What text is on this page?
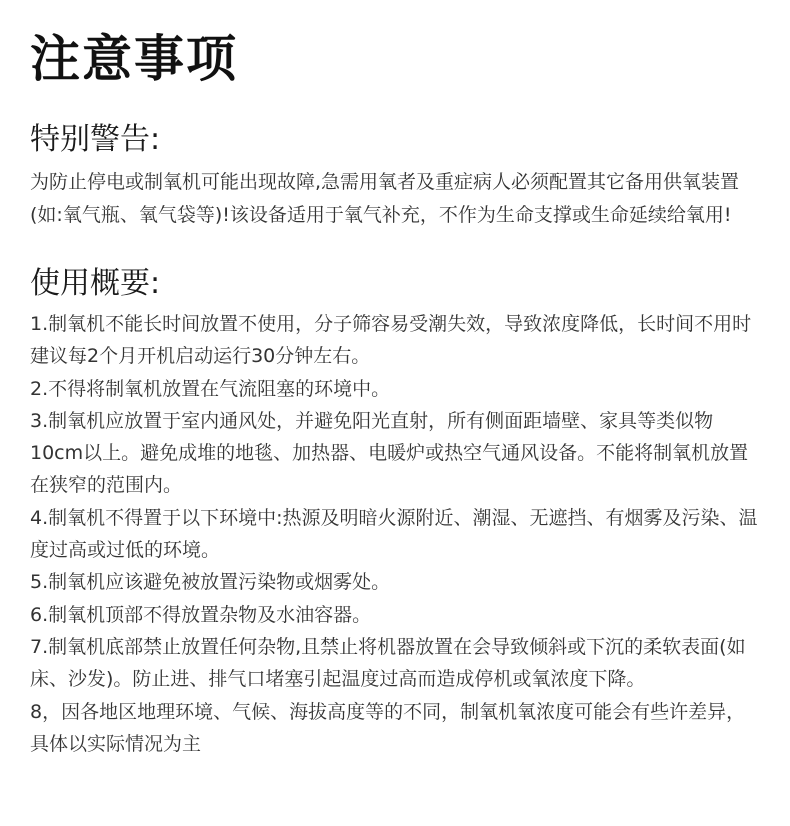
注意事项
特别警告:

为防止停电或制氧机可能出现故障,急需用氧者及重症病人必须配置其它备用供氧装置(如:氧气瓶、氧气袋等)!该设备适用于氧气补充，不作为生命支撑或生命延续给氧用!

使用概要:

1.制氧机不能长时间放置不使用，分子筛容易受潮失效，导致浓度降低，长时间不用时建议每2个月开机启动运行30分钟左右。

2.不得将制氧机放置在气流阻塞的环境中。

3.制氧机应放置于室内通风处，并避免阳光直射，所有侧面距墙壁、家具等类似物10cm以上。避免成堆的地毯、加热器、电暖炉或热空气通风设备。不能将制氧机放置在狭窄的范围内。

4.制氧机不得置于以下环境中:热源及明暗火源附近、潮湿、无遮挡、有烟雾及污染、温度过高或过低的环境。

5.制氧机应该避免被放置污染物或烟雾处。

6.制氧机顶部不得放置杂物及水油容器。

7.制氧机底部禁止放置任何杂物,且禁止将机器放置在会导致倾斜或下沉的柔软表面(如床、沙发)。防止进、排气口堵塞引起温度过高而造成停机或氧浓度下降。

8，因各地区地理环境、气候、海拔高度等的不同，制氧机氧浓度可能会有些许差异，具体以实际情况为主
